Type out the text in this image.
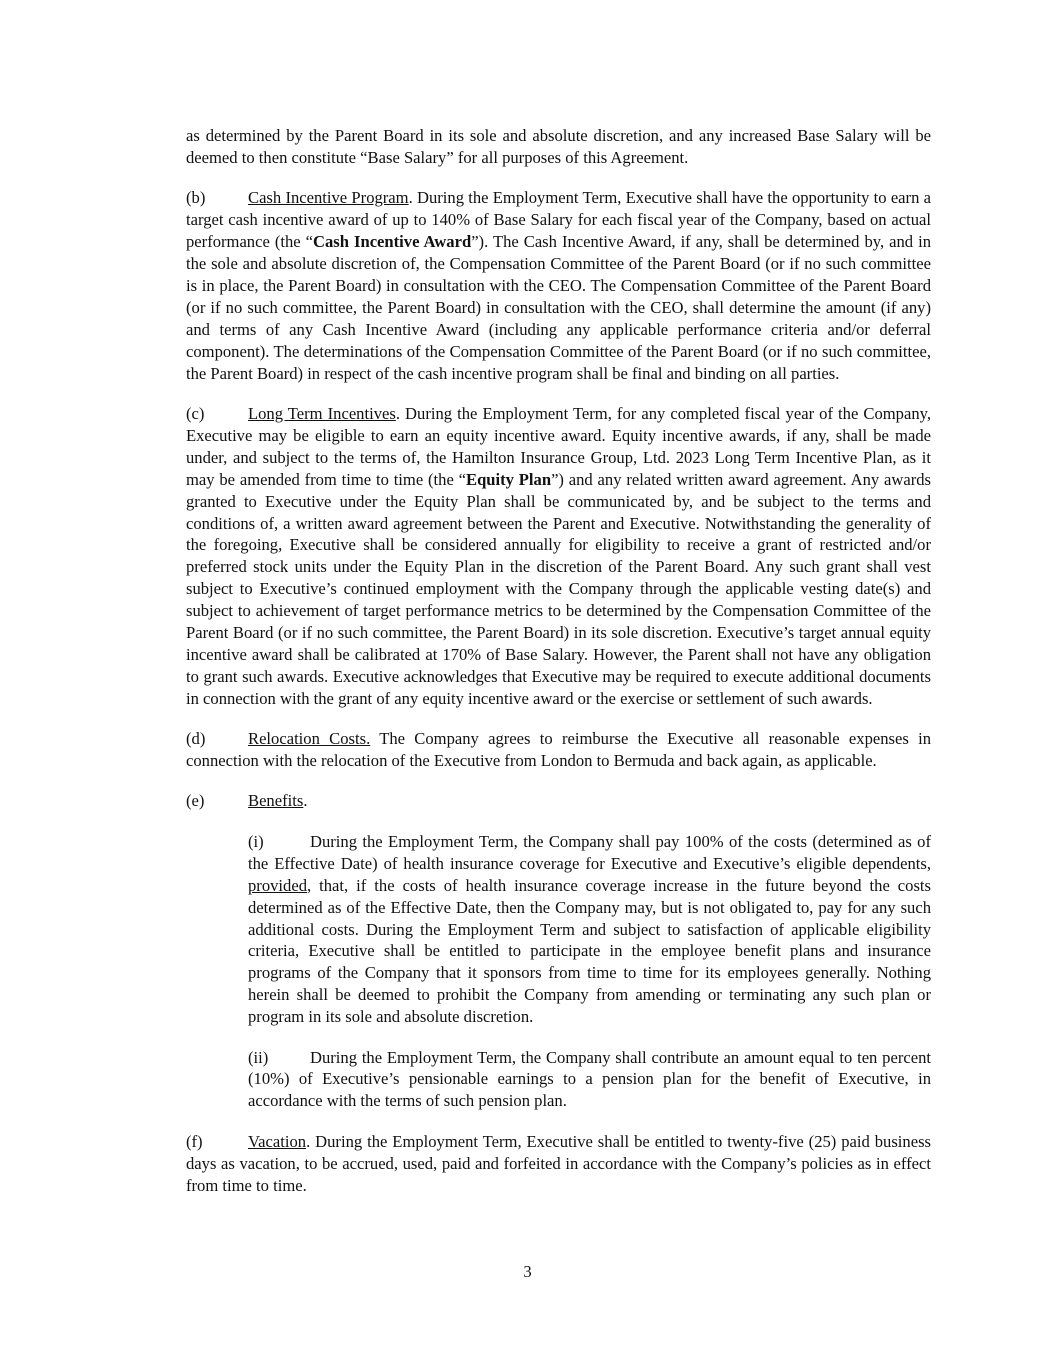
as determined by the Parent Board in its sole and absolute discretion, and any increased Base Salary will be deemed to then constitute “Base Salary” for all purposes of this Agreement.

(b)	Cash Incentive Program. During the Employment Term, Executive shall have the opportunity to earn a target cash incentive award of up to 140% of Base Salary for each fiscal year of the Company, based on actual performance (the “Cash Incentive Award”). The Cash Incentive Award, if any, shall be determined by, and in the sole and absolute discretion of, the Compensation Committee of the Parent Board (or if no such committee is in place, the Parent Board) in consultation with the CEO. The Compensation Committee of the Parent Board (or if no such committee, the Parent Board) in consultation with the CEO, shall determine the amount (if any) and terms of any Cash Incentive Award (including any applicable performance criteria and/or deferral component). The determinations of the Compensation Committee of the Parent Board (or if no such committee, the Parent Board) in respect of the cash incentive program shall be final and binding on all parties.

(c)	Long Term Incentives. During the Employment Term, for any completed fiscal year of the Company, Executive may be eligible to earn an equity incentive award. Equity incentive awards, if any, shall be made under, and subject to the terms of, the Hamilton Insurance Group, Ltd. 2023 Long Term Incentive Plan, as it may be amended from time to time (the “Equity Plan”) and any related written award agreement. Any awards granted to Executive under the Equity Plan shall be communicated by, and be subject to the terms and conditions of, a written award agreement between the Parent and Executive. Notwithstanding the generality of the foregoing, Executive shall be considered annually for eligibility to receive a grant of restricted and/or preferred stock units under the Equity Plan in the discretion of the Parent Board. Any such grant shall vest subject to Executive’s continued employment with the Company through the applicable vesting date(s) and subject to achievement of target performance metrics to be determined by the Compensation Committee of the Parent Board (or if no such committee, the Parent Board) in its sole discretion. Executive’s target annual equity incentive award shall be calibrated at 170% of Base Salary. However, the Parent shall not have any obligation to grant such awards. Executive acknowledges that Executive may be required to execute additional documents in connection with the grant of any equity incentive award or the exercise or settlement of such awards.

(d)	Relocation Costs. The Company agrees to reimburse the Executive all reasonable expenses in connection with the relocation of the Executive from London to Bermuda and back again, as applicable.

(e)	Benefits.

(i)	During the Employment Term, the Company shall pay 100% of the costs (determined as of the Effective Date) of health insurance coverage for Executive and Executive’s eligible dependents, provided, that, if the costs of health insurance coverage increase in the future beyond the costs determined as of the Effective Date, then the Company may, but is not obligated to, pay for any such additional costs. During the Employment Term and subject to satisfaction of applicable eligibility criteria, Executive shall be entitled to participate in the employee benefit plans and insurance programs of the Company that it sponsors from time to time for its employees generally. Nothing herein shall be deemed to prohibit the Company from amending or terminating any such plan or program in its sole and absolute discretion.

(ii)	During the Employment Term, the Company shall contribute an amount equal to ten percent (10%) of Executive’s pensionable earnings to a pension plan for the benefit of Executive, in accordance with the terms of such pension plan.

(f)	Vacation. During the Employment Term, Executive shall be entitled to twenty-five (25) paid business days as vacation, to be accrued, used, paid and forfeited in accordance with the Company’s policies as in effect from time to time.

3
